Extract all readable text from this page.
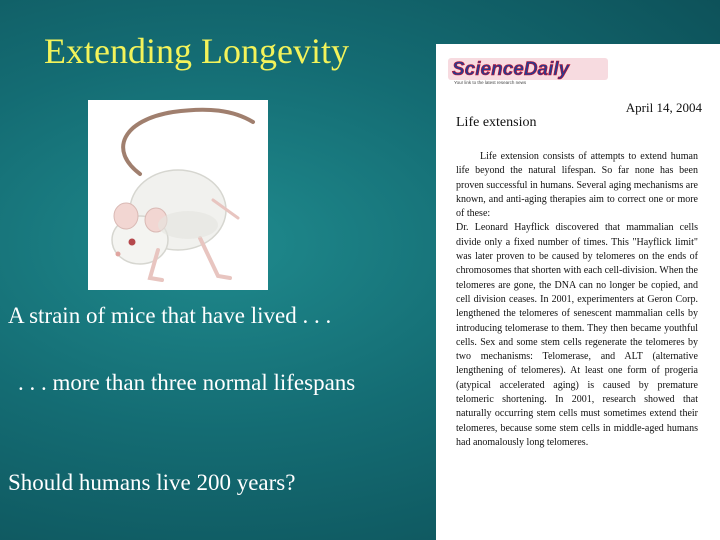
Extending Longevity
A strain of mice that have lived . . .
. . . more than three normal lifespans
Should humans live 200 years?
ScienceDaily
Your link to the latest research news
April 14, 2004
Life extension
Life extension consists of attempts to extend human life beyond the natural lifespan. So far none has been proven successful in humans. Several aging mechanisms are known, and anti-aging therapies aim to correct one or more of these:
Dr. Leonard Hayflick discovered that mammalian cells divide only a fixed number of times. This "Hayflick limit" was later proven to be caused by telomeres on the ends of chromosomes that shorten with each cell-division. When the telomeres are gone, the DNA can no longer be copied, and cell division ceases. In 2001, experimenters at Geron Corp. lengthened the telomeres of senescent mammalian cells by introducing telomerase to them. They then became youthful cells. Sex and some stem cells regenerate the telomeres by two mechanisms: Telomerase, and ALT (alternative lengthening of telomeres). At least one form of progeria (atypical accelerated aging) is caused by premature telomeric shortening. In 2001, research showed that naturally occurring stem cells must sometimes extend their telomeres, because some stem cells in middle-aged humans had anomalously long telomeres.
